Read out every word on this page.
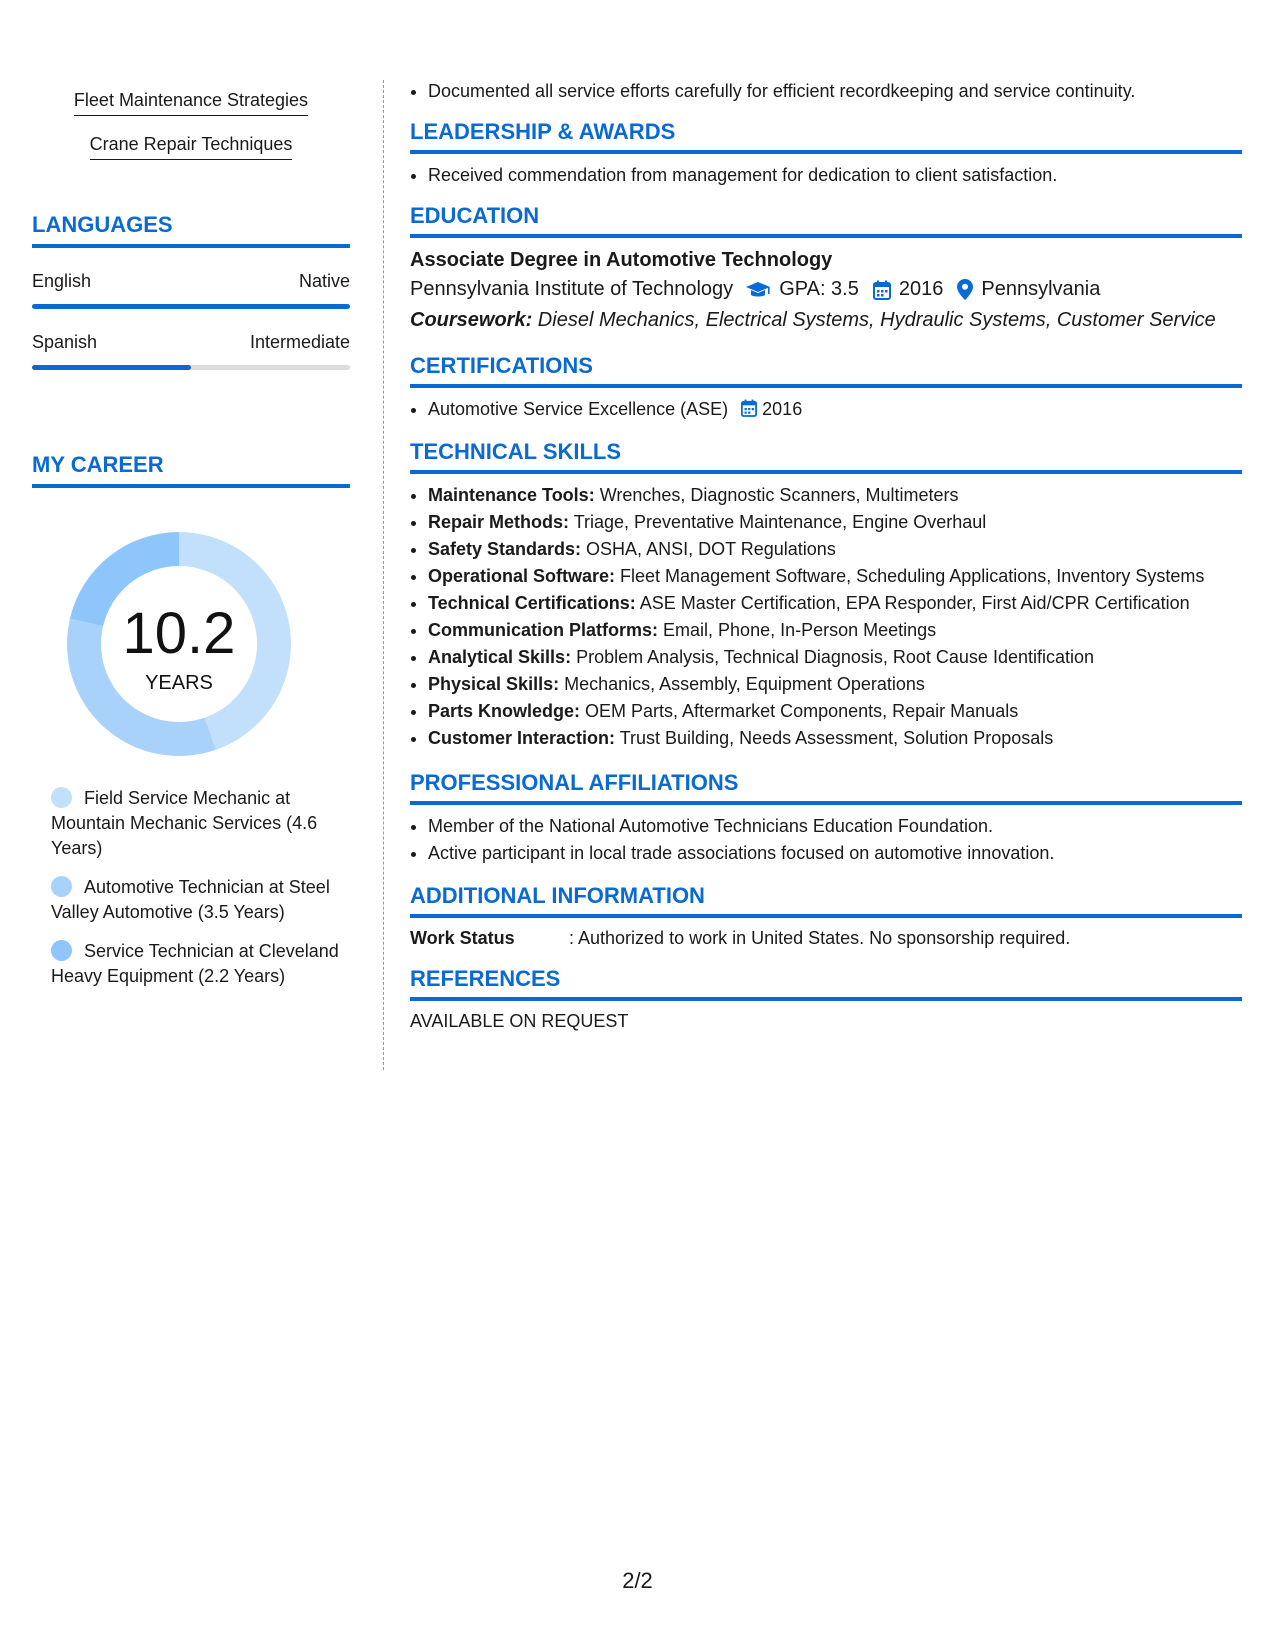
Fleet Maintenance Strategies
Crane Repair Techniques
LANGUAGES
English	Native
Spanish	Intermediate
MY CAREER
10.2
YEARS
Field Service Mechanic at Mountain Mechanic Services (4.6 Years)
Automotive Technician at Steel Valley Automotive (3.5 Years)
Service Technician at Cleveland Heavy Equipment (2.2 Years)
• Documented all service efforts carefully for efficient recordkeeping and service continuity.
LEADERSHIP & AWARDS
• Received commendation from management for dedication to client satisfaction.
EDUCATION
Associate Degree in Automotive Technology
Pennsylvania Institute of Technology GPA: 3.5 2016 Pennsylvania
Coursework: Diesel Mechanics, Electrical Systems, Hydraulic Systems, Customer Service
CERTIFICATIONS
• Automotive Service Excellence (ASE) 2016
TECHNICAL SKILLS
• Maintenance Tools: Wrenches, Diagnostic Scanners, Multimeters
• Repair Methods: Triage, Preventative Maintenance, Engine Overhaul
• Safety Standards: OSHA, ANSI, DOT Regulations
• Operational Software: Fleet Management Software, Scheduling Applications, Inventory Systems
• Technical Certifications: ASE Master Certification, EPA Responder, First Aid/CPR Certification
• Communication Platforms: Email, Phone, In-Person Meetings
• Analytical Skills: Problem Analysis, Technical Diagnosis, Root Cause Identification
• Physical Skills: Mechanics, Assembly, Equipment Operations
• Parts Knowledge: OEM Parts, Aftermarket Components, Repair Manuals
• Customer Interaction: Trust Building, Needs Assessment, Solution Proposals
PROFESSIONAL AFFILIATIONS
• Member of the National Automotive Technicians Education Foundation.
• Active participant in local trade associations focused on automotive innovation.
ADDITIONAL INFORMATION
Work Status	: Authorized to work in United States. No sponsorship required.
REFERENCES
AVAILABLE ON REQUEST
2/2
